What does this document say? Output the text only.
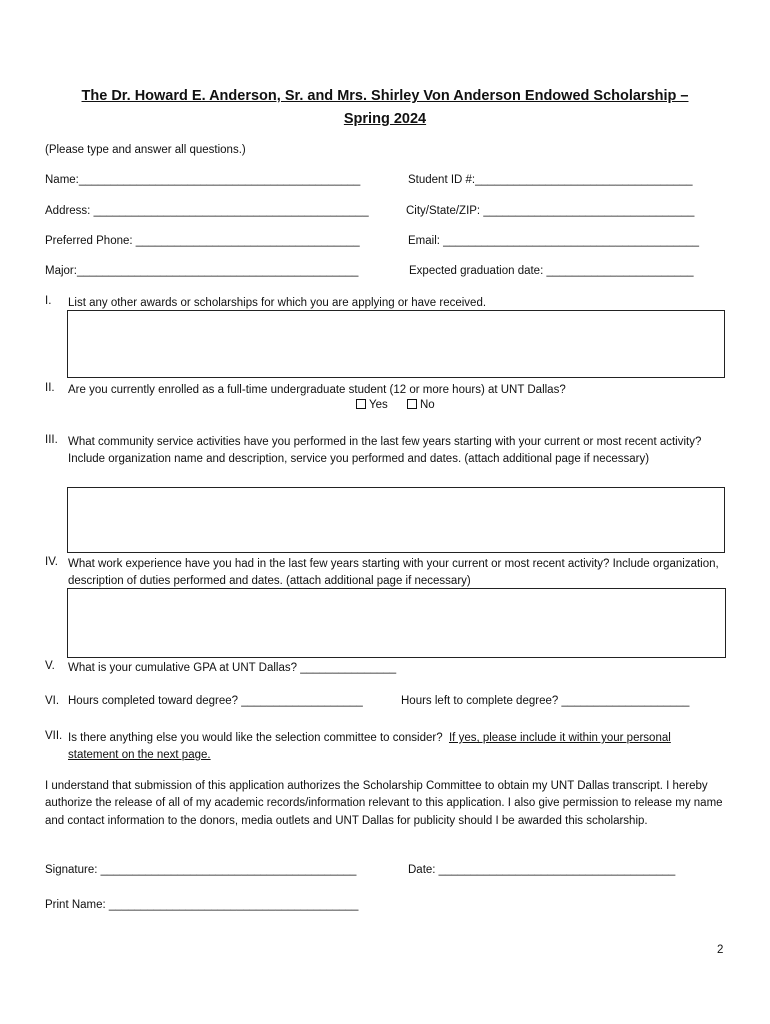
The Dr. Howard E. Anderson, Sr. and Mrs. Shirley Von Anderson Endowed Scholarship –
Spring 2024
(Please type and answer all questions.)
Name:____________________________________________	Student ID #:__________________________________
Address: ___________________________________________	City/State/ZIP: _________________________________
Preferred Phone: ___________________________________	Email: ________________________________________
Major:____________________________________________	Expected graduation date: _______________________
I. List any other awards or scholarships for which you are applying or have received.
II. Are you currently enrolled as a full-time undergraduate student (12 or more hours) at UNT Dallas?
Yes	No
III. What community service activities have you performed in the last few years starting with your current or most recent activity? Include organization name and description, service you performed and dates. (attach additional page if necessary)
IV. What work experience have you had in the last few years starting with your current or most recent activity? Include organization, description of duties performed and dates. (attach additional page if necessary)
V. What is your cumulative GPA at UNT Dallas? _______________
VI. Hours completed toward degree? ___________________	Hours left to complete degree? ____________________
VII. Is there anything else you would like the selection committee to consider? If yes, please include it within your personal statement on the next page.
I understand that submission of this application authorizes the Scholarship Committee to obtain my UNT Dallas transcript. I hereby authorize the release of all of my academic records/information relevant to this application. I also give permission to release my name and contact information to the donors, media outlets and UNT Dallas for publicity should I be awarded this scholarship.
Signature: ________________________________________	Date: _____________________________________
Print Name: _______________________________________
2
